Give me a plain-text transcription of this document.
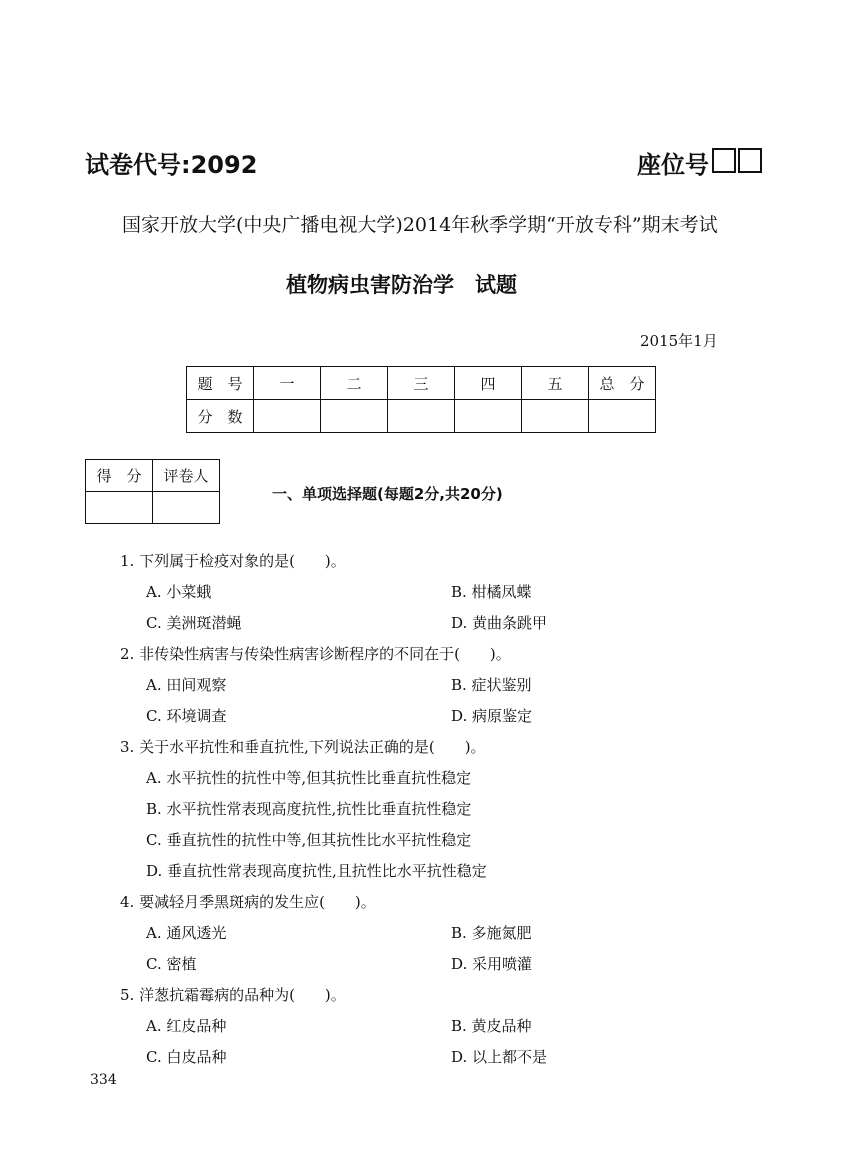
试卷代号:2092	座位号
国家开放大学(中央广播电视大学)2014年秋季学期“开放专科”期末考试
植物病虫害防治学　试题
2015年1月
题　号	一	二	三	四	五	总　分
分　数						
得　分	评卷人

一、单项选择题(每题2分,共20分)
1. 下列属于检疫对象的是(　　)。
A. 小菜蛾	B. 柑橘凤蝶
C. 美洲斑潜蝇	D. 黄曲条跳甲
2. 非传染性病害与传染性病害诊断程序的不同在于(　　)。
A. 田间观察	B. 症状鉴别
C. 环境调查	D. 病原鉴定
3. 关于水平抗性和垂直抗性,下列说法正确的是(　　)。
A. 水平抗性的抗性中等,但其抗性比垂直抗性稳定
B. 水平抗性常表现高度抗性,抗性比垂直抗性稳定
C. 垂直抗性的抗性中等,但其抗性比水平抗性稳定
D. 垂直抗性常表现高度抗性,且抗性比水平抗性稳定
4. 要减轻月季黑斑病的发生应(　　)。
A. 通风透光	B. 多施氮肥
C. 密植	D. 采用喷灌
5. 洋葱抗霜霉病的品种为(　　)。
A. 红皮品种	B. 黄皮品种
C. 白皮品种	D. 以上都不是
334
